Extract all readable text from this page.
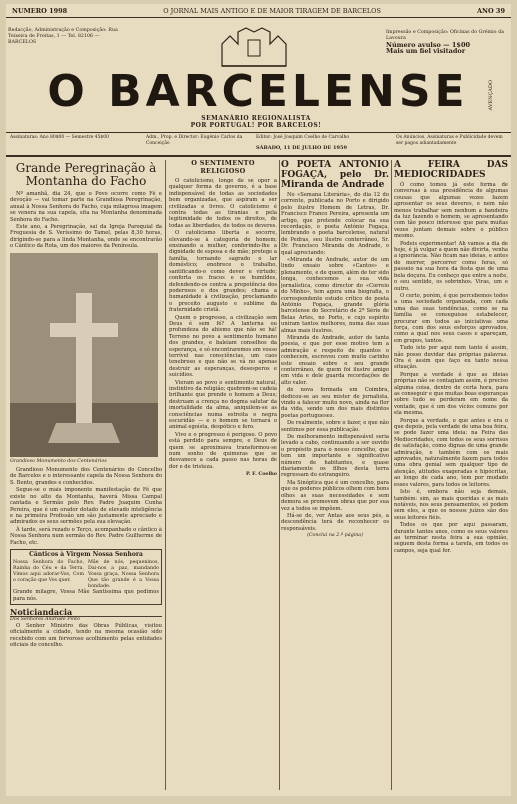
NUMERO 1998	O JORNAL MAIS ANTIGO E DE MAIOR TIRAGEM DE BARCELOS	ANO 39
Redacção, Administração e Composição: Rua Teixeira de Freitas, 1 — Tel. 82106 — BARCELOS
Impressão e Composição: Oficinas do Grémio da Lavoura
Número avulso — 1$00
Mais um fiel visitador
O BARCELENSE
SEMANÁRIO REGIONALISTA
POR PORTUGAL! POR BARCELOS!
AVENÇADO
Assinaturas: Ano 80$00 — Semestre 45$00	Adm., Prop. e Director: Eugénio Carlos da Conceição
Editor: José Joaquim Coelho de Carvalho
SÁBADO, 11 DE JULHO DE 1959
Os Anúncios, Assinaturas e Publicidade devem ser pagos adiantadamente
Grande Peregrinação à Montanha do Facho

Nº amanhã, dia 24, que o Povo ocorre como Fé e devoção — vai tomar parte na Grandiosa Peregrinação, anual à Nossa Senhora do Facho, cuja milagrosa imagem se venera na sua capela, sita na Montanha denominada Senhora do Facho.

Este ano, a Peregrinação, sai da Igreja Paroquial da Freguesia de S. Veríssimo do Tamel, pelas 8,30 horas, dirigindo-se para a linda Montanha, onde se encontrarão o Cântico da Rota, um dos maiores da Península.

Grandioso Monumento dos Centenários

Grandioso Monumento dos Centenários do Concelho de Barcelos e o interessante capela da Nossa Senhora do S. Bento, grandes e conhecidos.

Segue-se o mais imponente manifestação de Fé que existe no alto da Montanha, haverá Missa Campal cantada e Sermão pelo Rev. Padre Joaquim Cunha Pereira, que é um orador dotado de elevado inteligência e na primeira Profissão um são justamente apreciado e admirados os seus sermões pela sua elevação.

À tarde, será rezado o Terço, acompanhado o cântico à Nossa Senhora num sermão do Rev. Padre Guilherme de Facho, etc.

Cânticos à Virgem Nossa Senhora
Nossa Senhora do Facho, Rainha do Céu e da Terra, Vimos aqui adorar-Vos, Com o coração que Vos quer.
Mãe de nós, pequeninos, Dai-nos a paz, mandando Vossa graça, Nossa Senhora Que tão grande é a Vossa bondade.
Grande milagre, Vossa Mãe Santíssima que pedimos para nós.
Noticiandacia
Dos Senhores Andrade Pinto

O Senhor Ministro das Obras Públicas, visitou oficialmente a cidade, tendo na mesma ocasião sido recebido com um fervoroso acolhimento pelas entidades oficiais do concelho.

O SENTIMENTO RELIGIOSO

O catolicismo, longe de se opor a qualquer forma de governo, é a base indispensável de todas as sociedades bem organizadas, que aspiram a ser civilizadas e livres. O catolicismo é contra todas as tiranias e pela legitimidade de todos os direitos, de todas as liberdades, de todos os deveres.

O catolicismo liberta e socorre, elevando-se à categoria de homem; ensinando a mulher, conferindo-lhe a dignidade de esposa e de mãe; protege a família, tornando sagrado o lar doméstico; enobrece o trabalho, santificando-o como dever e virtude; conforta os fracos e os humildes, defendendo-os contra a prepotência dos poderosos e dos grandes; chama a humanidade à civilização, proclamando o preceito augusto e sublime da fraternidade cristã.

Quem o progresso, a civilização sem Deus é sem fé? A lanterna ou profundeza do abismo que não se há! Terreno no povo a sentimento humano dos grandes, e baleiam conselhos da esperança, e só encontraremos em vosso terrível nas consciências, um caos tenebroso e que não se vá no apenas destruir as esperanças, desesperos e suicídios.

Vieram ao povo o sentimento natural, instintivo da religião; quebrem-se cadeia brilhante que prende o homem a Deus; destruam a crença no dogma salutar da imortalidade da alma, aniquilem-se as consciências numa estreita e negra escuridão — e o homem se tornará o animal egoísta, despótico e fero.

Vivo e o progresso é perigoso. O povo está perdido para sempre, e Deus de quem se aproximava transformou-se num sonho de quimeras que se desvanece a cada passo nas horas de dor e de tristeza.

P. F. Coelho
O POETA ANTÓNIO FOGAÇA, pelo Dr. Miranda de Andrade

No «Semana Literária», do dia 12 do corrente, publicada no Porto e dirigido pelo ilustre Homem de Letras, Dr. Francisco Franco Pereira, apresenta um artigo, que pretende colocar na sua recordação, o poeta António Fogaça, lembrando o poeta barcelense, natural de Pedras, seu ilustre conterrâneo, Sr. Dr. Francisco Miranda de Andrade, o qual apreciando:

«Miranda de Andrade, autor de um lindo ensaio sobre «Cantos» e plenamente, e de quem, além de ter sido longa, conhecemos a sua vida jornalística, como director do «Correio do Minho», tem agora uma biografia, o correspondente estudo crítico do poeta António Fogaça, grande glória barcelense do Secretário de 2ª Série de Belas Artes, no Porto, e cujo espírito uniram tantos melhores, numa das suas almas mais ilustres.

Miranda de Andrade, autor de tanta poesia, e que por esse motivo tem a admiração e respeito de quantos o conhecem, escreveu com muito carinho este ensaio sobre o seu grande conterrâneo, de quem foi ilustre amigo em vida e dele guarda recordações de alto valor.

de nova formada em Coimbra, dedicou-se ao seu mister de jornalista, vindo a falecer muito novo, ainda na flor da vida, sendo um dos mais distintos poetas portugueses.

De realmente, sobre o fazer, e que não sentimos por essa publicação.

De melhoramento indispensável seria levado a cabo, continuando a ser ouvido o propósito para o nosso concelho, que tem um importante e significativo número de habitantes, e quase diariamente os filhos desta terra regressam do estrangeiro.

Ma Sinóptica que é um concelho, para que os poderes públicos olhem com bons olhos as suas necessidades e sem demora se promovem obras que por sua vez a todos se impõem.

Há-se de, ver Antas aos seus pés, a descendência terá de reconhecer os responsáveis.

(Conclui na 2.ª página)
A FEIRA DAS MEDIOCRIDADES

Ó como tomou já este forma de conversas à sua presidência de algumas cousas que algumas vezes fazem aprosentar os seus deveres, e nem não menos trabalhar sem nenhum a bandeira da luz fazendo o homem, se apresentando com tão pouco interesse que para muitas vezes juntam demais sobre o público mesmo.

Podeis experimentar! Ah vamos a dia de hoje, é já vulgar a quem não divirta, venha a ignorância. Não ficam nas ideias, e antes de morrer, percorrer como feras, só passeio na sua hora da festa que de uma bela doçura. Eu conheço que entre a noite, o seu sentido, os sobrinhos. Viras, um e outro.

O certo, porém, é que percebemos todos a uma sociedade organizada, com cada uma das suas tendências, como se na família se conseguisse estabelecer, procurar em todos as iniciativas uma força, com dos seus esforços aprovados, como a qual nos seus casos e apareçam, em grupos, tantos.

Tudo isto por aqui nem tanto é assim, não posso duvidar das próprias palavras. Ora é assim que faço eu tanto nessa situação.

Porque a verdade é que as ideias próprias não se contagiam assim, é preciso alguma coisa, dentro de certa hora, para as conseguir e que muitas boas esperanças sobre tudo se perderam em nome da vontade, que é um dos vícios comuns por ela mesma.

Porque a verdade, o que antes e era o que depois, pela verdade de uma boa feira, se pode fazer uma ideia: na Feira das Mediocridades, com todos os seus sorrisos de satisfação, como dignas de uma grande admiração, e também com os mais aprovados, naturalmente fazem para todos uma obra genial sem qualquer tipo de atenção, atitudes exageradas e hipócritas, ao longo de cada ano, tem por mudado esses valores, para todos os leitores.

Isto é, embora não seja demais, também: sim, as mais queridas e as mais notáveis, nos seus pensamentos, só podem sem eles, a que os nossos juízos são dos seus leitores fiéis.

Todos os que por aqui passaram, durante tantos anos, como os seus valores ao terminar nesta feira a sua opinião, seguem desta forma a tarefa, em todos os campos, seja qual for.
